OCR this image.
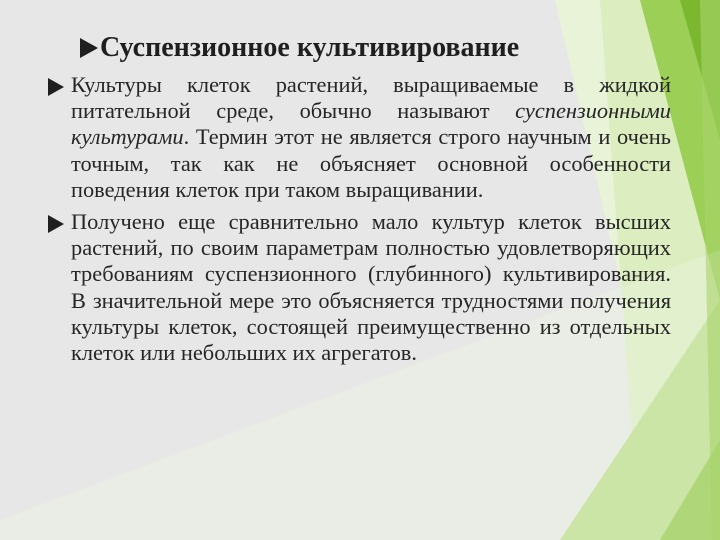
Суспензионное культивирование
Культуры клеток растений, выращиваемые в жидкой питательной среде, обычно называют суспензионными культурами. Термин этот не является строго научным и очень точным, так как не объясняет основной особенности поведения клеток при таком выращивании.
Получено еще сравнительно мало культур клеток высших растений, по своим параметрам полностью удовлетворяющих требованиям суспензионного (глубинного) культивирования. В значительной мере это объясняется трудностями получения культуры клеток, состоящей преимущественно из отдельных клеток или небольших их агрегатов.
